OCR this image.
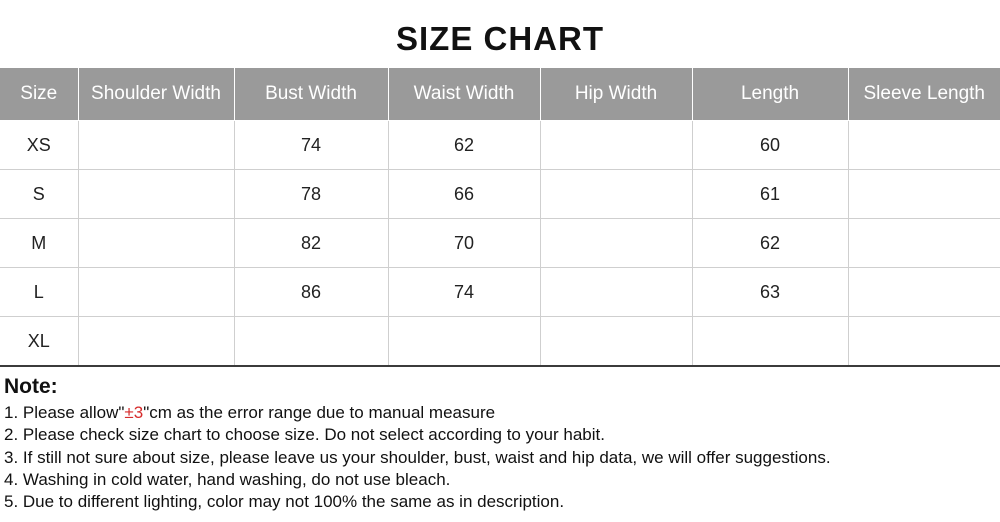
SIZE CHART
Size	Shoulder Width	Bust Width	Waist Width	Hip Width	Length	Sleeve Length
XS		74	62		60	
S		78	66		61	
M		82	70		62	
L		86	74		63	
XL						
Note:
1. Please allow"±3"cm as the error range due to manual measure
2. Please check size chart to choose size. Do not select according to your habit.
3. If still not sure about size, please leave us your shoulder, bust, waist and hip data, we will offer suggestions.
4. Washing in cold water, hand washing, do not use bleach.
5. Due to different lighting, color may not 100% the same as in description.
